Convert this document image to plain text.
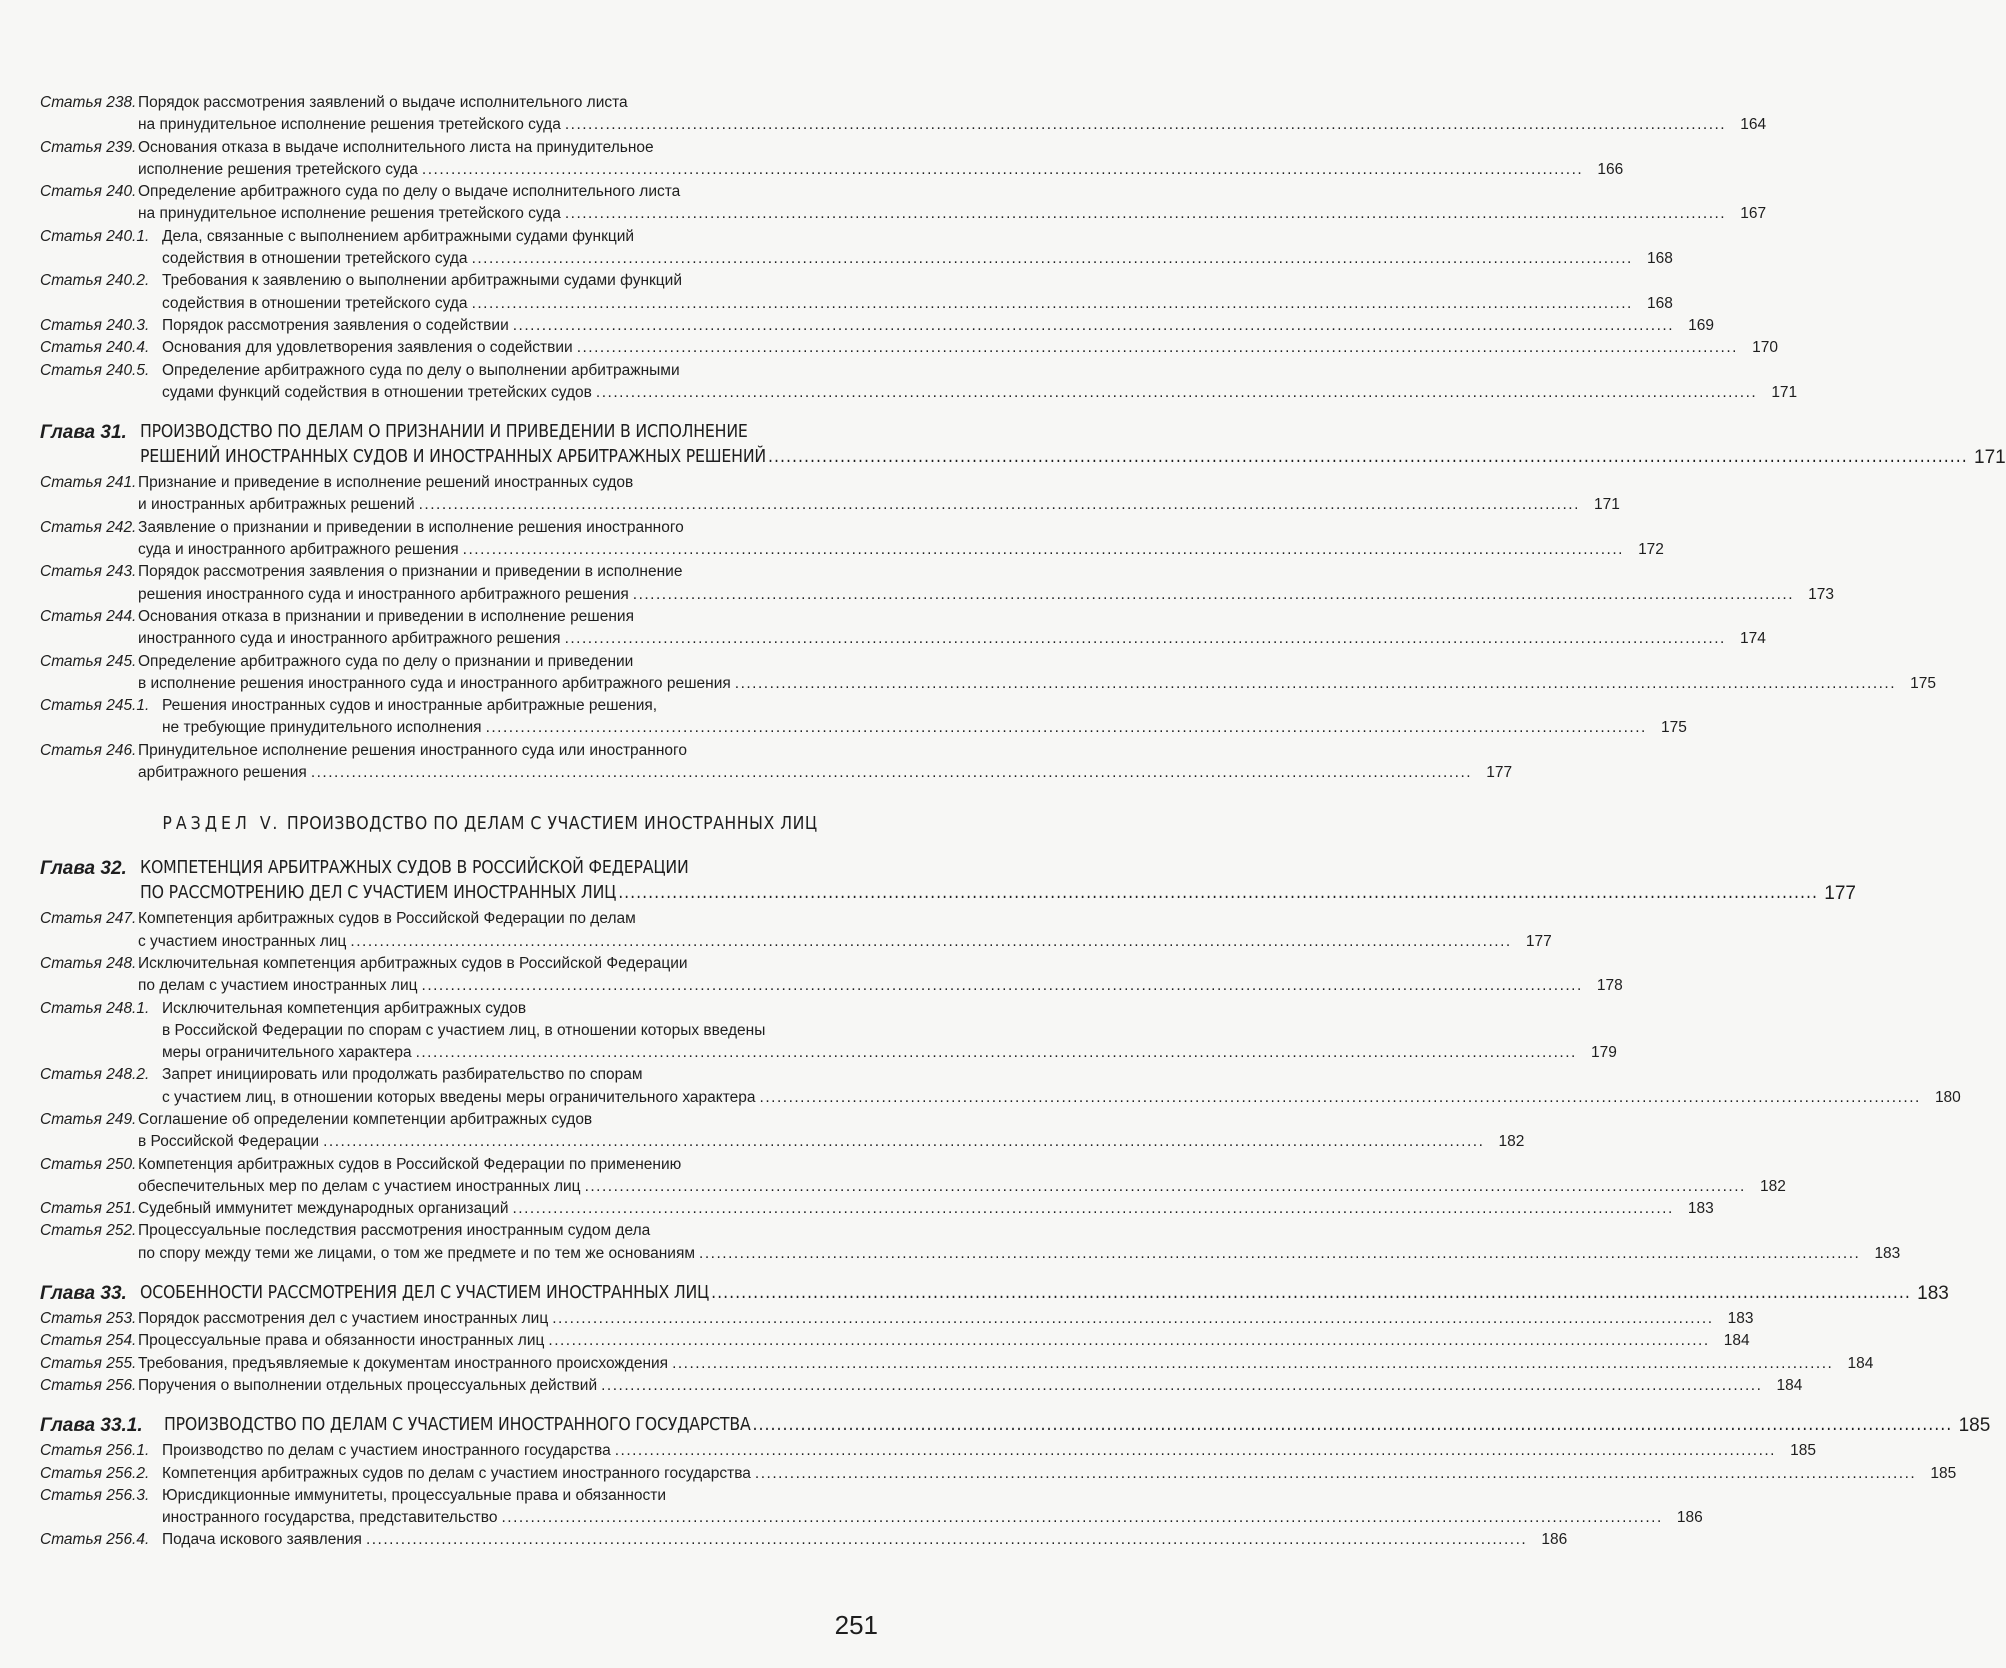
Статья 238. Порядок рассмотрения заявлений о выдаче исполнительного листа
на принудительное исполнение решения третейского суда ........................................................................................................................................................................................................ 164
Статья 239. Основания отказа в выдаче исполнительного листа на принудительное
исполнение решения третейского суда ........................................................................................................................................................................................................ 166
Статья 240. Определение арбитражного суда по делу о выдаче исполнительного листа
на принудительное исполнение решения третейского суда ........................................................................................................................................................................................................ 167
Статья 240.1. Дела, связанные с выполнением арбитражными судами функций
содействия в отношении третейского суда ........................................................................................................................................................................................................ 168
Статья 240.2. Требования к заявлению о выполнении арбитражными судами функций
содействия в отношении третейского суда ........................................................................................................................................................................................................ 168
Статья 240.3. Порядок рассмотрения заявления о содействии ........................................................................................................................................................................................................ 169
Статья 240.4. Основания для удовлетворения заявления о содействии ........................................................................................................................................................................................................ 170
Статья 240.5. Определение арбитражного суда по делу о выполнении арбитражными
судами функций содействия в отношении третейских судов ........................................................................................................................................................................................................ 171
Глава 31. ПРОИЗВОДСТВО ПО ДЕЛАМ О ПРИЗНАНИИ И ПРИВЕДЕНИИ В ИСПОЛНЕНИЕ
РЕШЕНИЙ ИНОСТРАННЫХ СУДОВ И ИНОСТРАННЫХ АРБИТРАЖНЫХ РЕШЕНИЙ ........................................................................................................................................................................................................ 171
Статья 241. Признание и приведение в исполнение решений иностранных судов
и иностранных арбитражных решений ........................................................................................................................................................................................................ 171
Статья 242. Заявление о признании и приведении в исполнение решения иностранного
суда и иностранного арбитражного решения ........................................................................................................................................................................................................ 172
Статья 243. Порядок рассмотрения заявления о признании и приведении в исполнение
решения иностранного суда и иностранного арбитражного решения ........................................................................................................................................................................................................ 173
Статья 244. Основания отказа в признании и приведении в исполнение решения
иностранного суда и иностранного арбитражного решения ........................................................................................................................................................................................................ 174
Статья 245. Определение арбитражного суда по делу о признании и приведении
в исполнение решения иностранного суда и иностранного арбитражного решения ........................................................................................................................................................................................................ 175
Статья 245.1. Решения иностранных судов и иностранные арбитражные решения,
не требующие принудительного исполнения ........................................................................................................................................................................................................ 175
Статья 246. Принудительное исполнение решения иностранного суда или иностранного
арбитражного решения ........................................................................................................................................................................................................ 177
РАЗДЕЛ V. ПРОИЗВОДСТВО ПО ДЕЛАМ С УЧАСТИЕМ ИНОСТРАННЫХ ЛИЦ
Глава 32. КОМПЕТЕНЦИЯ АРБИТРАЖНЫХ СУДОВ В РОССИЙСКОЙ ФЕДЕРАЦИИ
ПО РАССМОТРЕНИЮ ДЕЛ С УЧАСТИЕМ ИНОСТРАННЫХ ЛИЦ ........................................................................................................................................................................................................ 177
Статья 247. Компетенция арбитражных судов в Российской Федерации по делам
с участием иностранных лиц ........................................................................................................................................................................................................ 177
Статья 248. Исключительная компетенция арбитражных судов в Российской Федерации
по делам с участием иностранных лиц ........................................................................................................................................................................................................ 178
Статья 248.1. Исключительная компетенция арбитражных судов
в Российской Федерации по спорам с участием лиц, в отношении которых введены
меры ограничительного характера ........................................................................................................................................................................................................ 179
Статья 248.2. Запрет инициировать или продолжать разбирательство по спорам
с участием лиц, в отношении которых введены меры ограничительного характера ........................................................................................................................................................................................................ 180
Статья 249. Соглашение об определении компетенции арбитражных судов
в Российской Федерации ........................................................................................................................................................................................................ 182
Статья 250. Компетенция арбитражных судов в Российской Федерации по применению
обеспечительных мер по делам с участием иностранных лиц ........................................................................................................................................................................................................ 182
Статья 251. Судебный иммунитет международных организаций ........................................................................................................................................................................................................ 183
Статья 252. Процессуальные последствия рассмотрения иностранным судом дела
по спору между теми же лицами, о том же предмете и по тем же основаниям ........................................................................................................................................................................................................ 183
Глава 33. ОСОБЕННОСТИ РАССМОТРЕНИЯ ДЕЛ С УЧАСТИЕМ ИНОСТРАННЫХ ЛИЦ ........................................................................................................................................................................................................ 183
Статья 253. Порядок рассмотрения дел с участием иностранных лиц ........................................................................................................................................................................................................ 183
Статья 254. Процессуальные права и обязанности иностранных лиц ........................................................................................................................................................................................................ 184
Статья 255. Требования, предъявляемые к документам иностранного происхождения ........................................................................................................................................................................................................ 184
Статья 256. Поручения о выполнении отдельных процессуальных действий ........................................................................................................................................................................................................ 184
Глава 33.1.	ПРОИЗВОДСТВО ПО ДЕЛАМ С УЧАСТИЕМ ИНОСТРАННОГО ГОСУДАРСТВА ........................................................................................................................................................................................................ 185
Статья 256.1. Производство по делам с участием иностранного государства ........................................................................................................................................................................................................ 185
Статья 256.2. Компетенция арбитражных судов по делам с участием иностранного государства ........................................................................................................................................................................................................ 185
Статья 256.3. Юрисдикционные иммунитеты, процессуальные права и обязанности
иностранного государства, представительство ........................................................................................................................................................................................................ 186
Статья 256.4. Подача искового заявления ........................................................................................................................................................................................................ 186
251
